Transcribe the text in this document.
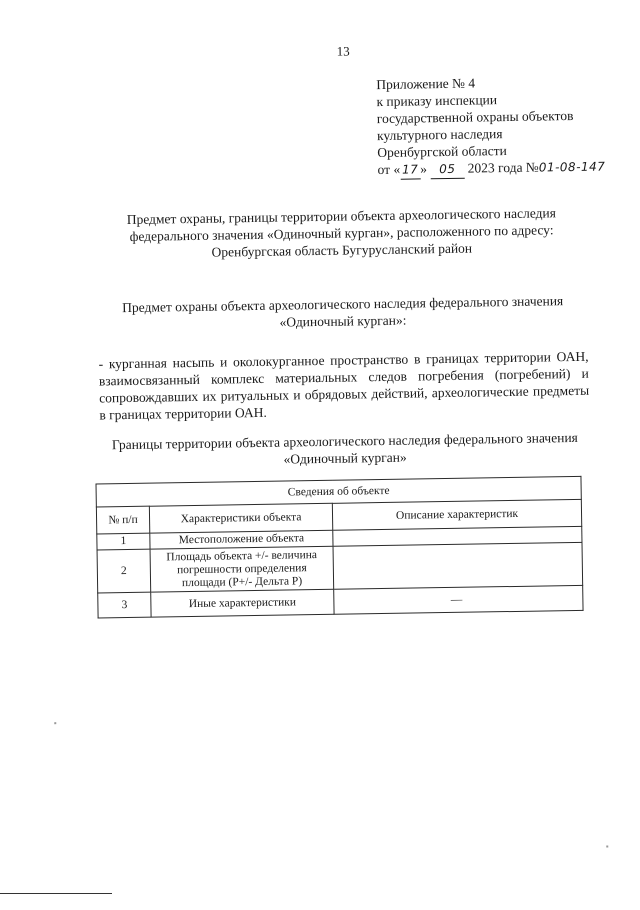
13
Приложение № 4
к приказу инспекции
государственной охраны объектов
культурного наследия
Оренбургской области
от « 17 » 05 2023 года №01-08-147
Предмет охраны, границы территории объекта археологического наследия федерального значения «Одиночный курган», расположенного по адресу: Оренбургская область Бугурусланский район
Предмет охраны объекта археологического наследия федерального значения «Одиночный курган»:
- курганная насыпь и околокурганное пространство в границах территории ОАН, взаимосвязанный комплекс материальных следов погребения (погребений) и сопровождавших их ритуальных и обрядовых действий, археологические предметы в границах территории ОАН.
Границы территории объекта археологического наследия федерального значения «Одиночный курган»
Сведения об объекте		
№ п/п	Характеристики объекта	Описание характеристик
1	Местоположение объекта	
2	Площадь объекта +/- величина погрешности определения площади (P+/- Дельта P)	
3	Иные характеристики	—
